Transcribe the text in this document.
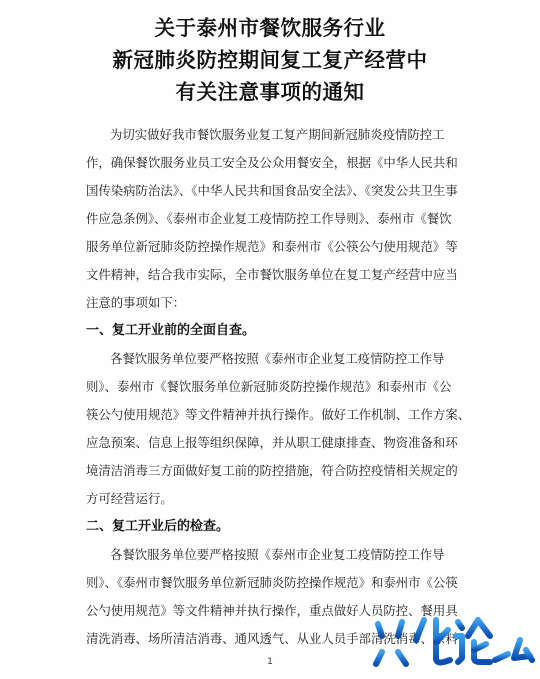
关于泰州市餐饮服务行业
新冠肺炎防控期间复工复产经营中
有关注意事项的通知
为切实做好我市餐饮服务业复工复产期间新冠肺炎疫情防控工
作，确保餐饮服务业员工安全及公众用餐安全，根据《中华人民共和
国传染病防治法》、《中华人民共和国食品安全法》、《突发公共卫生事
件应急条例》、《泰州市企业复工疫情防控工作导则》、泰州市《餐饮
服务单位新冠肺炎防控操作规范》和泰州市《公筷公勺使用规范》等
文件精神，结合我市实际，全市餐饮服务单位在复工复产经营中应当
注意的事项如下：
一、复工开业前的全面自查。
各餐饮服务单位要严格按照《泰州市企业复工疫情防控工作导
则》、泰州市《餐饮服务单位新冠肺炎防控操作规范》和泰州市《公
筷公勺使用规范》等文件精神并执行操作。做好工作机制、工作方案、
应急预案、信息上报等组织保障，并从职工健康排查、物资准备和环
境清洁消毒三方面做好复工前的防控措施，符合防控疫情相关规定的
方可经营运行。
二、复工开业后的检查。
各餐饮服务单位要严格按照《泰州市企业复工疫情防控工作导
则》、《泰州市餐饮服务单位新冠肺炎防控操作规范》和泰州市《公筷
公勺使用规范》等文件精神并执行操作，重点做好人员防控、餐用具
清洗消毒、场所清洁消毒、通风透气、从业人员手部清洗消毒、原料
1
